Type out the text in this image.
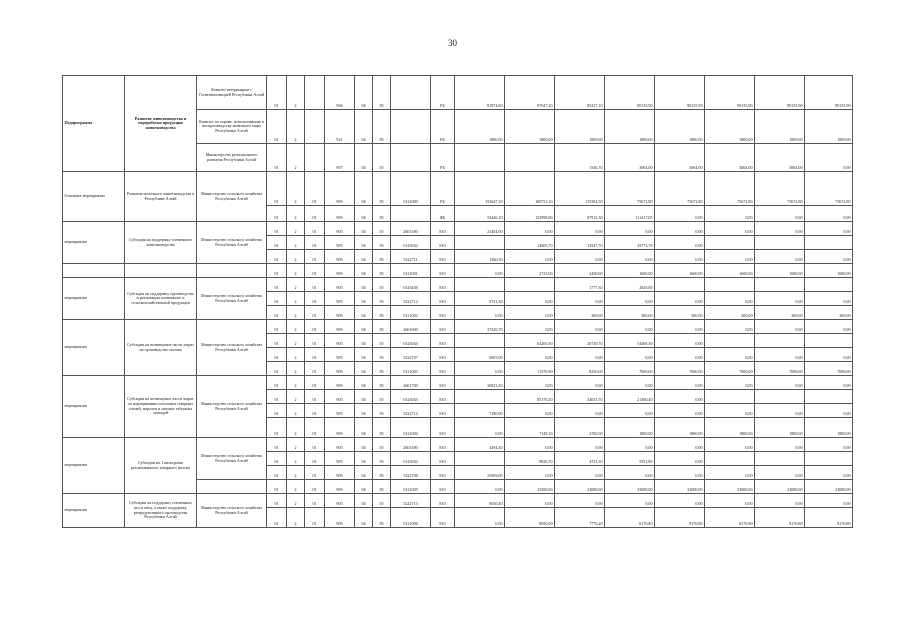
30
Подпрограмма	Развитие животноводства и переработки продукции животноводства	Комитет ветеринарии с Госветинспекцией Республики Алтай	01	2		904	04	05		РБ	81974,60	87047,20	85237,10	90135,90	90135,90	90135,90	90135,90	90135,90
		Комитет по охране, использованию и воспроизводству животного мира Республики Алтай	01	2		921	04	05		РБ	1800,00	1800,00	1800,00	1800,00	1800,00	1800,00	1800,00	1800,00
		Министерство регионального развития Республики Алтай	01	2		907	04	05		РБ			1546,70	3064,00	3064,00	3064,00	3064,00	0,00
Основное мероприятие	Развитие молочного животноводства в Республике Алтай	Министерство сельского хозяйства Республики Алтай	01	2	01	905	04	05	0121000	РБ	155647,10	100751,10	115394,50	75672,80	75672,80	75672,80	75672,80	75672,80
			01	2	01	905	04	05		ФБ	53446,10	125998,00	87912,30	111417,05	0,00	0,00	0,00	0,00
мероприятие	Субсидия на поддержку племенного животноводства	Министерство сельского хозяйства Республики Алтай	01	2	01	905	04	05	2601300	810	21404,00	0,00	0,00	0,00	0,00	0,00	0,00	0,00
			01	2	01	905	04	05	0125042	810		14605,70	13547,70	29773,70	0,00			
			01	2	01	905	04	05	5222711	810	1360,30	0,00	0,00	0,00	0,00	0,00	0,00	0,00
			01	2	01	905	04	05	0121001	810	0,00	2725,00	2450,00	1600,00	1600,00	1600,00	1600,00	1600,00
мероприятие	Субсидия на поддержку производства и реализации племенного и сельскохозяйственной продукции	Министерство сельского хозяйства Республики Алтай	01	2	01	905	04	05	0125436	810			1777,30	2820,80				
			01	2	01	905	04	05	5222712	810	9741,30	0,00	0,00	0,00	0,00	0,00	0,00	0,00
			01	2	01	905	04	05	0121002	810	0,00	0,00	300,00	300,00	300,00	300,00	300,00	300,00
мероприятие	Субсидии на возмещение части затрат на производство молока	Министерство сельского хозяйства Республики Алтай	01	2	01	905	04	05	2601600	810	37226,70	0,00	0,00	0,00	0,00	0,00	0,00	0,00
			01	2	01	905	04	05	0125044	810		64265,50	20749,70	54466,30	0,00			
			01	2	01	905	04	05	5222707	810	6905,00	0,00	0,00	0,00	0,00	0,00	0,00	0,00
			01	2	01	905	04	05	0121003	810	0,00	11570,90	8250,00	7000,00	7000,00	7000,00	7000,00	7000,00
мероприятие	Субсидия на возмещение части затрат по наращиванию поголовья северных оленей, маралов и мясных табунных лошадей	Министерство сельского хозяйства Республики Алтай	01	2	01	905	04	05	2601700	810	30923,30	0,00	0,00	0,00	0,00	0,00	0,00	0,00
			01	2	01	905	04	05	0125045	810		85170,20	34031,70	21360,40	0,00			
			01	2	01	905	04	05	5222714	810	7180,00	0,00	0,00	0,00	0,00	0,00	0,00	0,00
			01	2	01	905	04	05	0121004	810	0,00	7149,10	2700,00	1800,00	1800,00	1800,00	1800,00	1800,00
мероприятие	Субсидии на 1 килограмм реализованного товарного молока	Министерство сельского хозяйства Республики Алтай	01	2	01	905	04	05	2601400	810	4494,40	0,00	0,00	0,00	0,00	0,00	0,00	0,00
			01	2	01	905	04	05	0125043	810		8836,70	4731,30	5551,80	0,00			
			01	2	01	905	04	05	5222708	810	25909,00	0,00	0,00	0,00	0,00	0,00	0,00	0,00
			01	2	01	905	04	05	0121005	810	0,00	25500,00	33000,00	33000,00	33000,00	33000,00	33000,00	33000,00
мероприятие	Субсидии на поддержку племенных коз и овец, а также поддержку репродуктивного скотоводства Республики Алтай	Министерство сельского хозяйства Республики Алтай	01	2	01	905	04	05	5222713	810	9030,40	0,00	0,00	0,00	0,00	0,00	0,00	0,00
			01	2	01	905	04	05	0121006	810	0,00	8950,00	7776,20	6170,80	8170,80	8170,80	8170,80	8170,80
